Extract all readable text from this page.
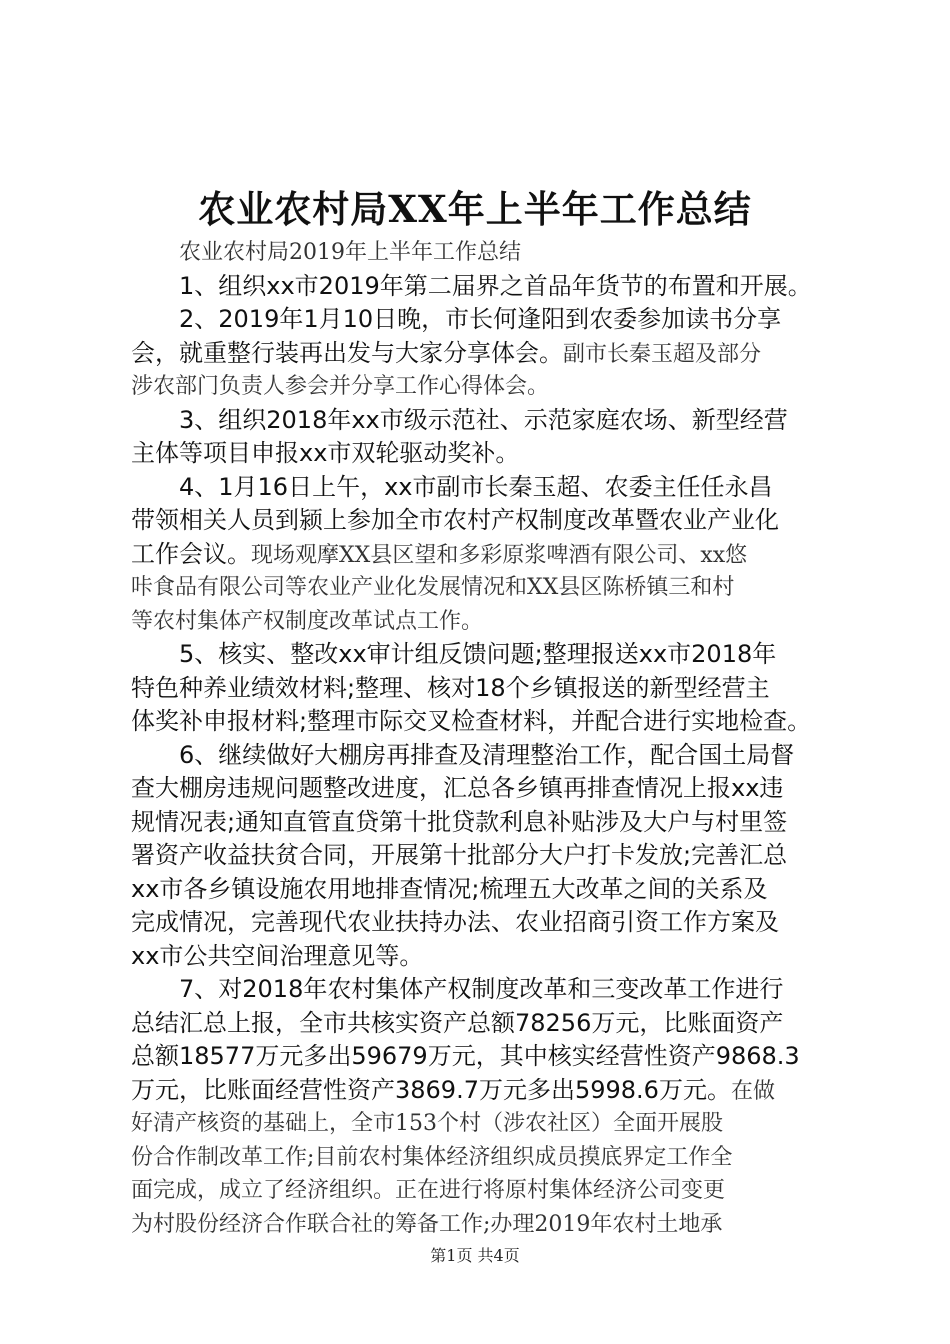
农业农村局XX年上半年工作总结
农业农村局2019年上半年工作总结
1、组织xx市2019年第二届界之首品年货节的布置和开展。
2、2019年1月10日晚，市长何逢阳到农委参加读书分享
会，就重整行装再出发与大家分享体会。副市长秦玉超及部分
涉农部门负责人参会并分享工作心得体会。
3、组织2018年xx市级示范社、示范家庭农场、新型经营
主体等项目申报xx市双轮驱动奖补。
4、1月16日上午，xx市副市长秦玉超、农委主任任永昌
带领相关人员到颍上参加全市农村产权制度改革暨农业产业化
工作会议。现场观摩XX县区望和多彩原浆啤酒有限公司、xx悠
咔食品有限公司等农业产业化发展情况和XX县区陈桥镇三和村
等农村集体产权制度改革试点工作。
5、核实、整改xx审计组反馈问题;整理报送xx市2018年
特色种养业绩效材料;整理、核对18个乡镇报送的新型经营主
体奖补申报材料;整理市际交叉检查材料，并配合进行实地检查。
6、继续做好大棚房再排查及清理整治工作，配合国土局督
查大棚房违规问题整改进度，汇总各乡镇再排查情况上报xx违
规情况表;通知直管直贷第十批贷款利息补贴涉及大户与村里签
署资产收益扶贫合同，开展第十批部分大户打卡发放;完善汇总
xx市各乡镇设施农用地排查情况;梳理五大改革之间的关系及
完成情况，完善现代农业扶持办法、农业招商引资工作方案及
xx市公共空间治理意见等。
7、对2018年农村集体产权制度改革和三变改革工作进行
总结汇总上报，全市共核实资产总额78256万元，比账面资产
总额18577万元多出59679万元，其中核实经营性资产9868.3
万元，比账面经营性资产3869.7万元多出5998.6万元。在做
好清产核资的基础上，全市153个村（涉农社区）全面开展股
份合作制改革工作;目前农村集体经济组织成员摸底界定工作全
面完成，成立了经济组织。正在进行将原村集体经济公司变更
为村股份经济合作联合社的筹备工作;办理2019年农村土地承
第1页 共4页
